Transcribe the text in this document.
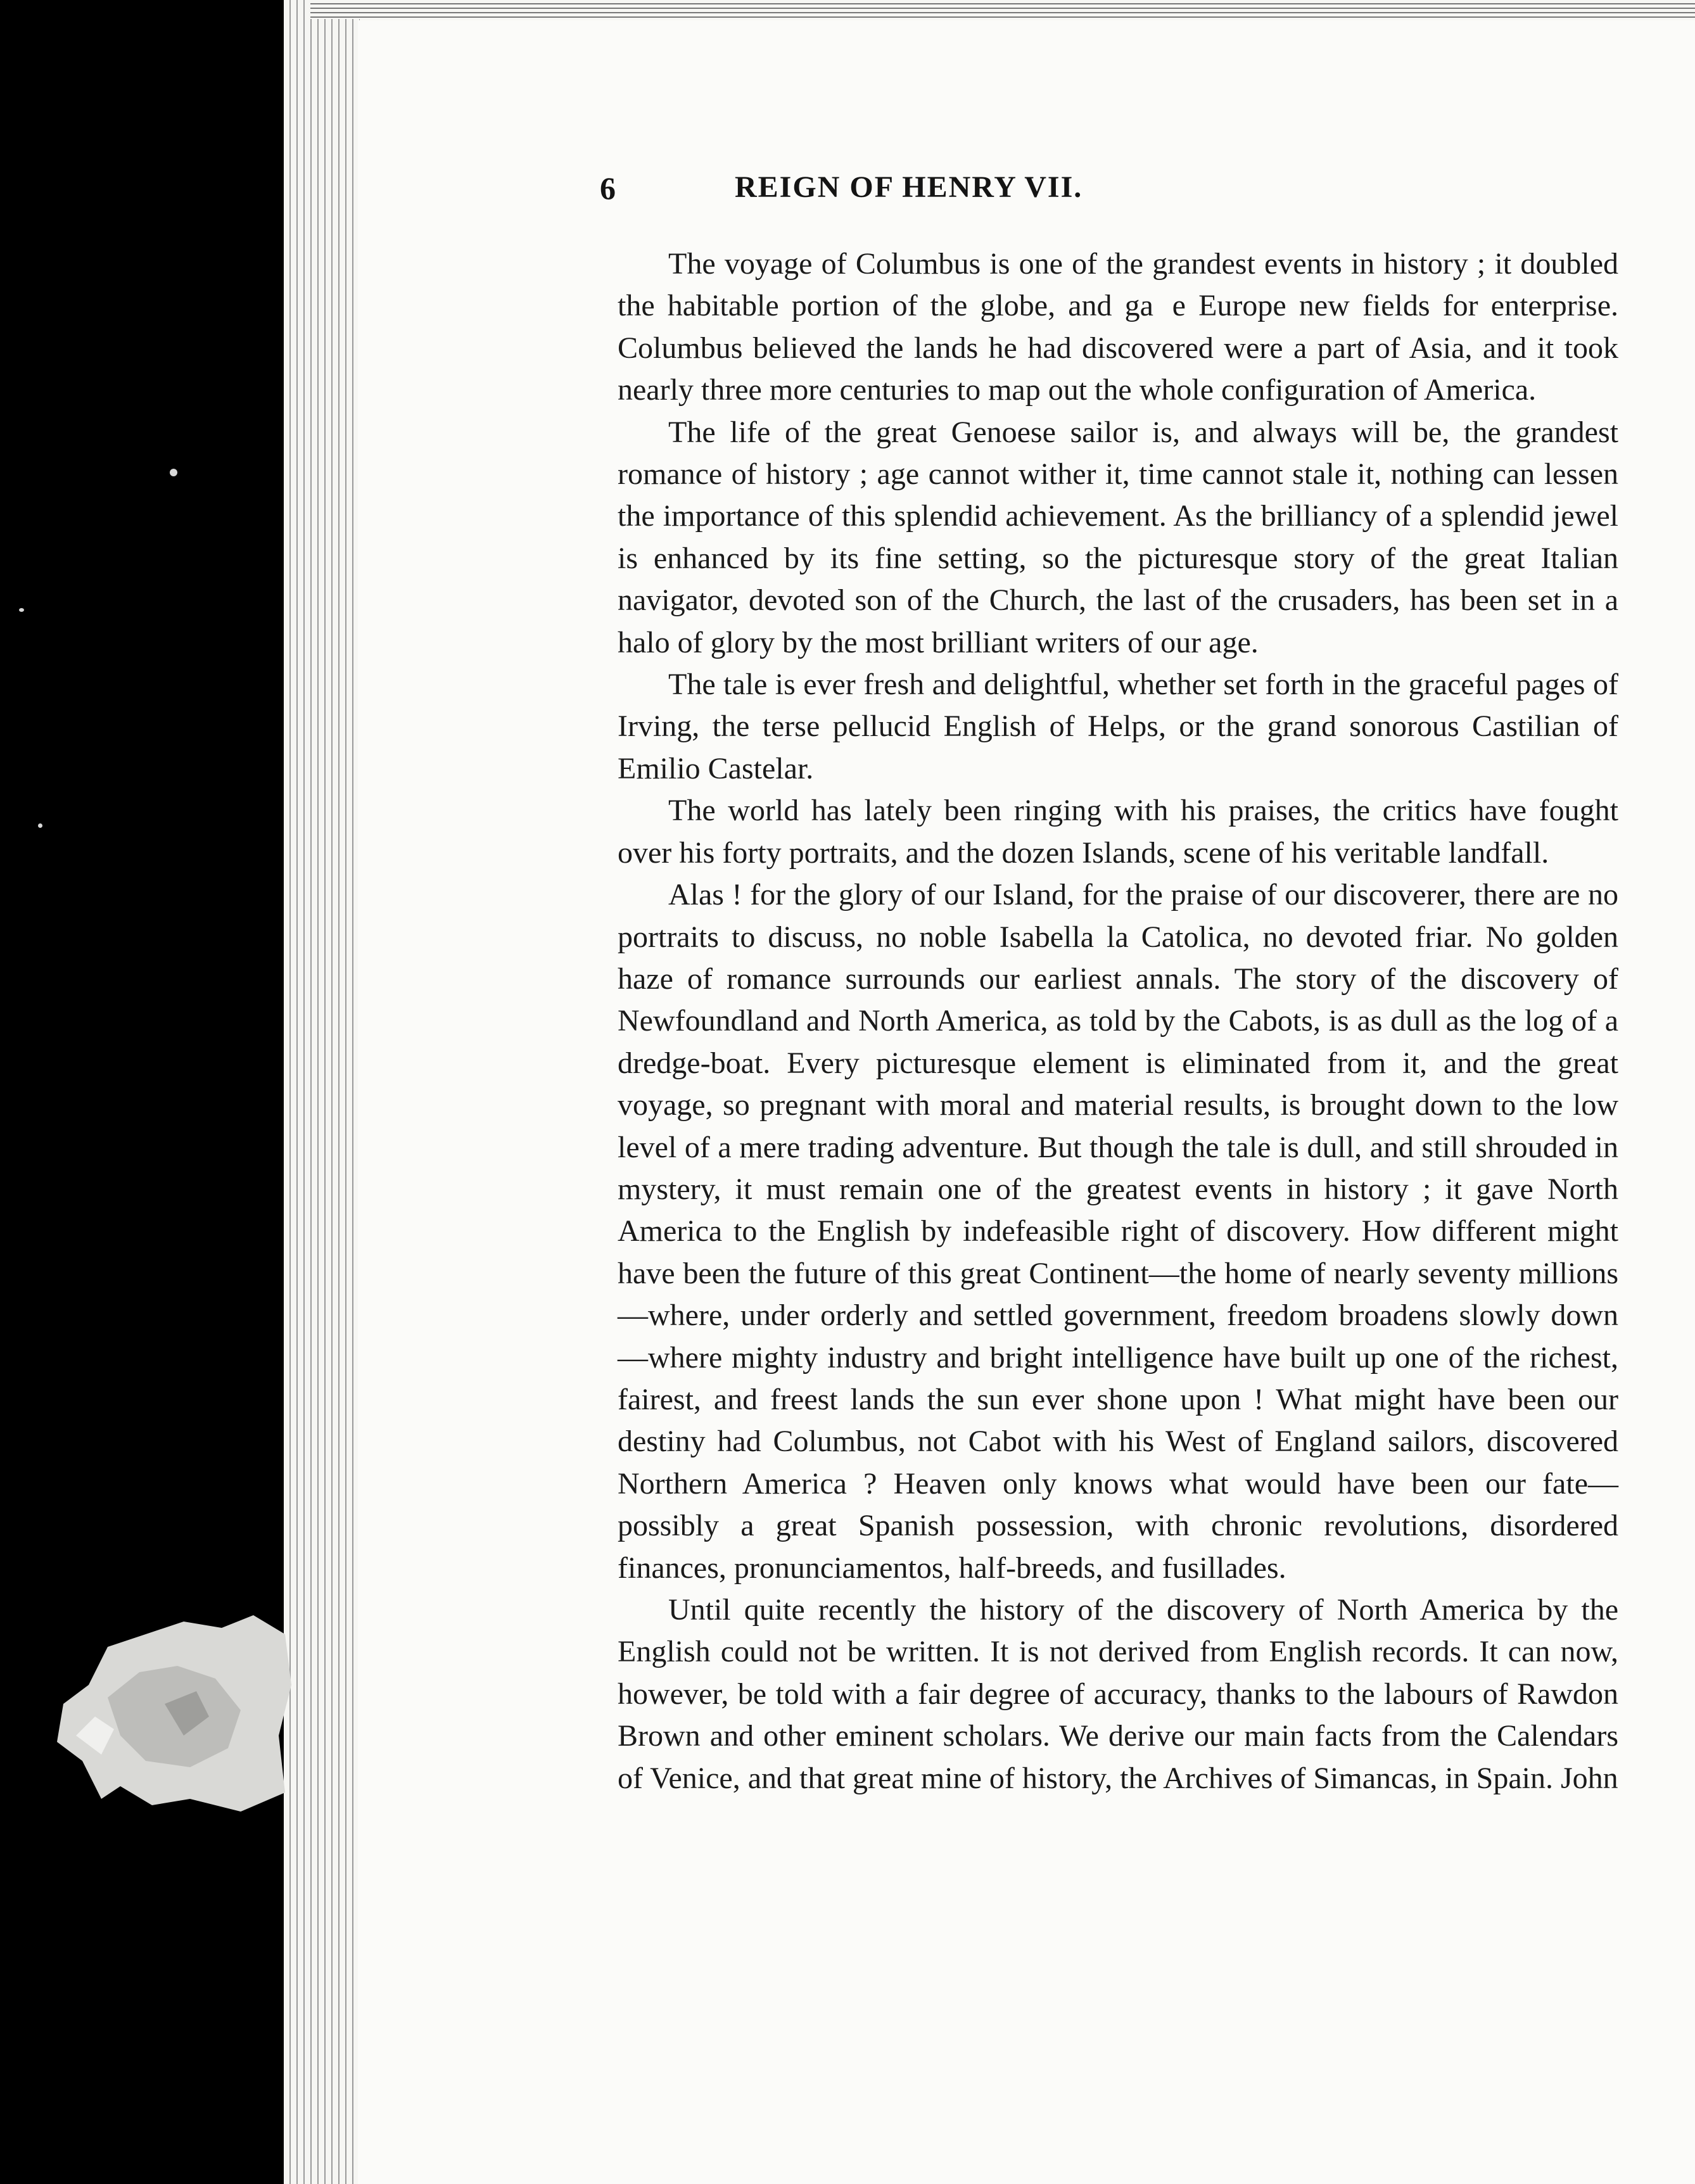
6	REIGN OF HENRY VII.

The voyage of Columbus is one of the grandest events in history ; it doubled the habitable portion of the globe, and ga  e Europe new fields for enterprise. Columbus believed the lands he had discovered were a part of Asia, and it took nearly three more centuries to map out the whole configuration of America.

The life of the great Genoese sailor is, and always will be, the grandest romance of history ; age cannot wither it, time cannot stale it, nothing can lessen the importance of this splendid achievement. As the brilliancy of a splendid jewel is enhanced by its fine setting, so the picturesque story of the great Italian navigator, devoted son of the Church, the last of the crusaders, has been set in a halo of glory by the most brilliant writers of our age.

The tale is ever fresh and delightful, whether set forth in the graceful pages of Irving, the terse pellucid English of Helps, or the grand sonorous Castilian of Emilio Castelar.

The world has lately been ringing with his praises, the critics have fought over his forty portraits, and the dozen Islands, scene of his veritable landfall.

Alas ! for the glory of our Island, for the praise of our discoverer, there are no portraits to discuss, no noble Isabella la Catolica, no devoted friar. No golden haze of romance surrounds our earliest annals. The story of the discovery of Newfoundland and North America, as told by the Cabots, is as dull as the log of a dredge-boat. Every picturesque element is eliminated from it, and the great voyage, so pregnant with moral and material results, is brought down to the low level of a mere trading adventure. But though the tale is dull, and still shrouded in mystery, it must remain one of the greatest events in history ; it gave North America to the English by indefeasible right of discovery. How different might have been the future of this great Continent—the home of nearly seventy millions—where, under orderly and settled government, freedom broadens slowly down—where mighty industry and bright intelligence have built up one of the richest, fairest, and freest lands the sun ever shone upon ! What might have been our destiny had Columbus, not Cabot with his West of England sailors, discovered Northern America ? Heaven only knows what would have been our fate—possibly a great Spanish possession, with chronic revolutions, disordered finances, pronunciamentos, half-breeds, and fusillades.

Until quite recently the history of the discovery of North America by the English could not be written. It is not derived from English records. It can now, however, be told with a fair degree of accuracy, thanks to the labours of Rawdon Brown and other eminent scholars. We derive our main facts from the Calendars of Venice, and that great mine of history, the Archives of Simancas, in Spain. John
